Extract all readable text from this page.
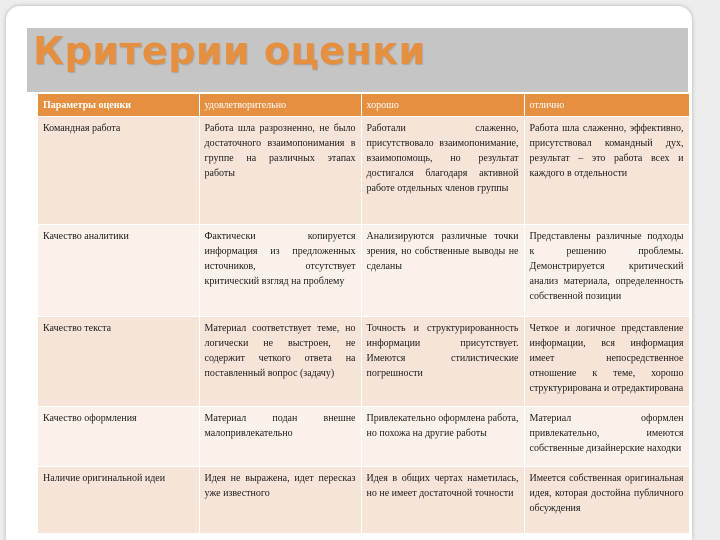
Критерии оценки
Параметры оценки	удовлетворительно	хорошо	отлично
Командная работа	Работа шла разрозненно, не было достаточного взаимопонимания в группе на различных этапах работы	Работали слаженно, присутствовало взаимопонимание, взаимопомощь, но результат достигался благодаря активной работе отдельных членов группы	Работа шла слаженно, эффективно, присутствовал командный дух, результат – это работа всех и каждого в отдельности
Качество аналитики	Фактически копируется информация из предложенных источников, отсутствует критический взгляд на проблему	Анализируются различные точки зрения, но собственные выводы не сделаны	Представлены различные подходы к решению проблемы. Демонстрируется критический анализ материала, определенность собственной позиции
Качество текста	Материал соответствует теме, но логически не выстроен, не содержит четкого ответа на поставленный вопрос (задачу)	Точность и структурированность информации присутствует. Имеются стилистические погрешности	Четкое и логичное представление информации, вся информация имеет непосредственное отношение к теме, хорошо структурирована и отредактирована
Качество оформления	Материал подан внешне малопривлекательно	Привлекательно оформлена работа, но похожа на другие работы	Материал оформлен привлекательно, имеются собственные дизайнерские находки
Наличие оригинальной идеи	Идея не выражена, идет пересказ уже известного	Идея в общих чертах наметилась, но не имеет достаточной точности	Имеется собственная оригинальная идея, которая достойна публичного обсуждения
